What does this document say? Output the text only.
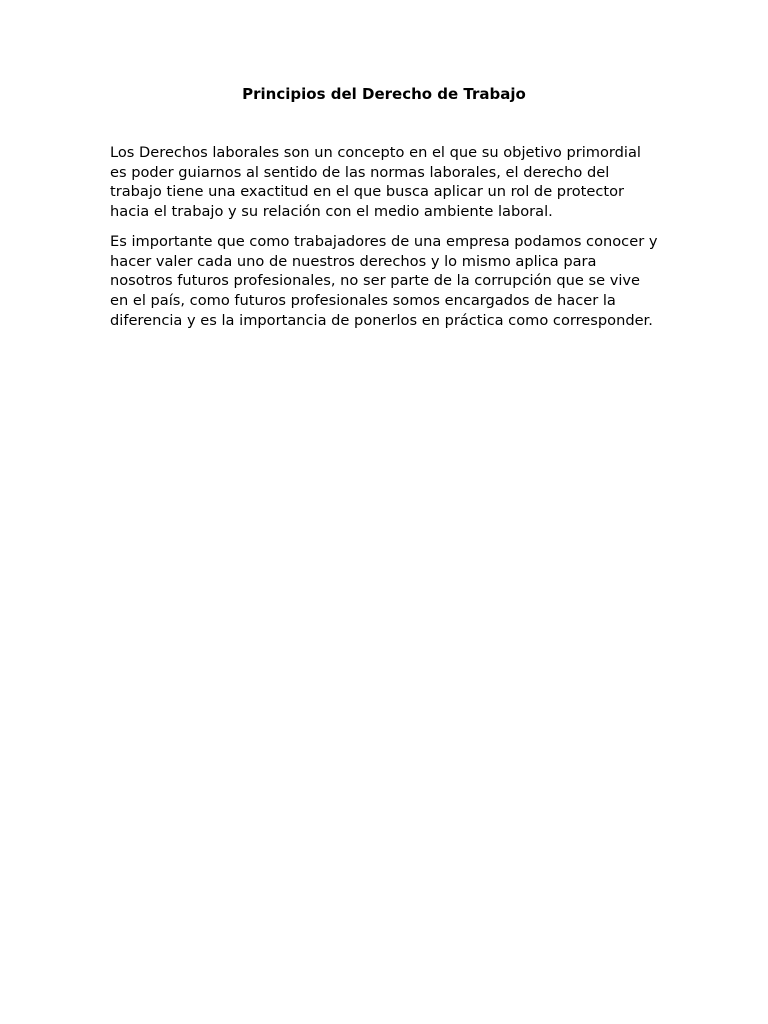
Principios del Derecho de Trabajo

Los Derechos laborales son un concepto en el que su objetivo primordial es poder guiarnos al sentido de las normas laborales, el derecho del trabajo tiene una exactitud en el que busca aplicar un rol de protector hacia el trabajo y su relación con el medio ambiente laboral.

Es importante que como trabajadores de una empresa podamos conocer y hacer valer cada uno de nuestros derechos y lo mismo aplica para nosotros futuros profesionales, no ser parte de la corrupción que se vive en el país, como futuros profesionales somos encargados de hacer la diferencia y es la importancia de ponerlos en práctica como corresponder.
